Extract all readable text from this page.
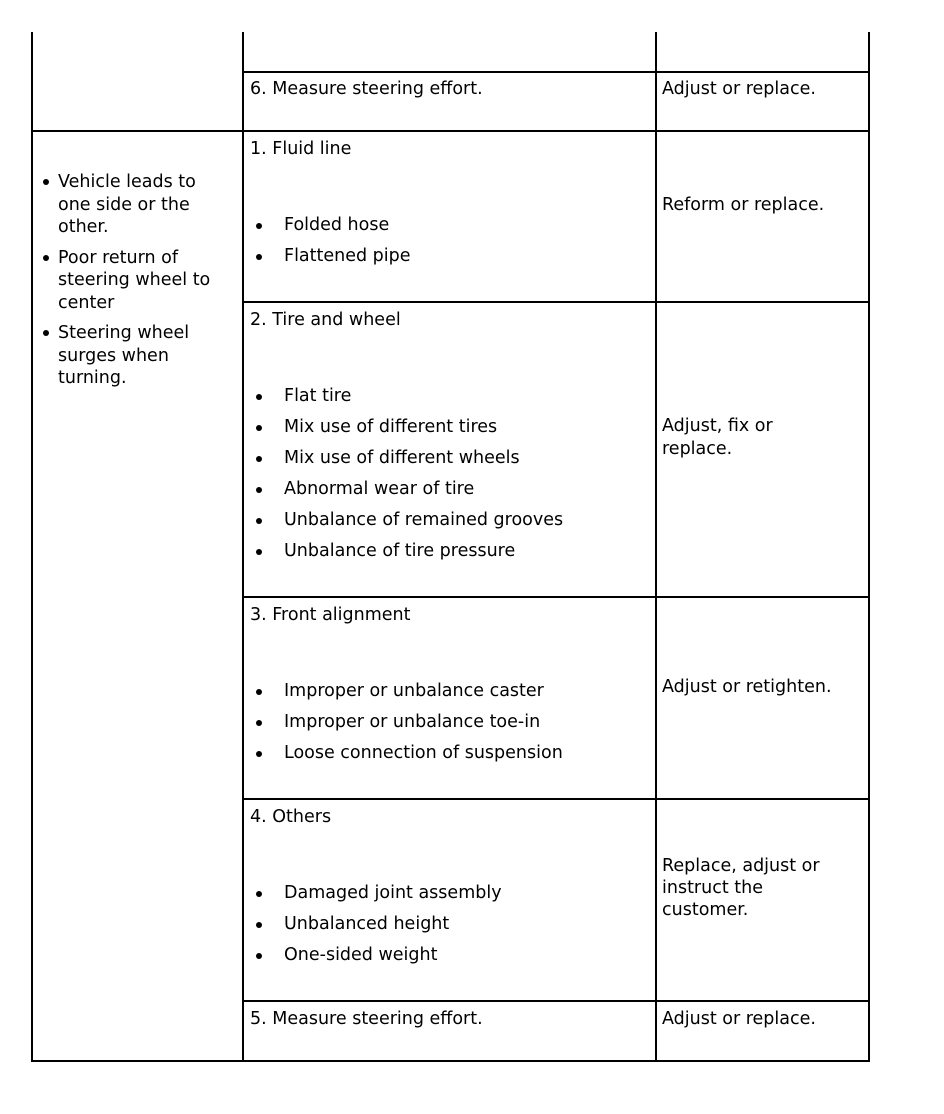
6. Measure steering effort.	Adjust or replace.
Vehicle leads to one side or the other.
Poor return of steering wheel to center
Steering wheel surges when turning.
1. Fluid line
Folded hose
Flattened pipe
Reform or replace.
2. Tire and wheel
Flat tire
Mix use of different tires
Mix use of different wheels
Abnormal wear of tire
Unbalance of remained grooves
Unbalance of tire pressure
Adjust, fix or
replace.
3. Front alignment
Improper or unbalance caster
Improper or unbalance toe-in
Loose connection of suspension
Adjust or retighten.
4. Others
Damaged joint assembly
Unbalanced height
One-sided weight
Replace, adjust or
instruct the
customer.
5. Measure steering effort.	Adjust or replace.
